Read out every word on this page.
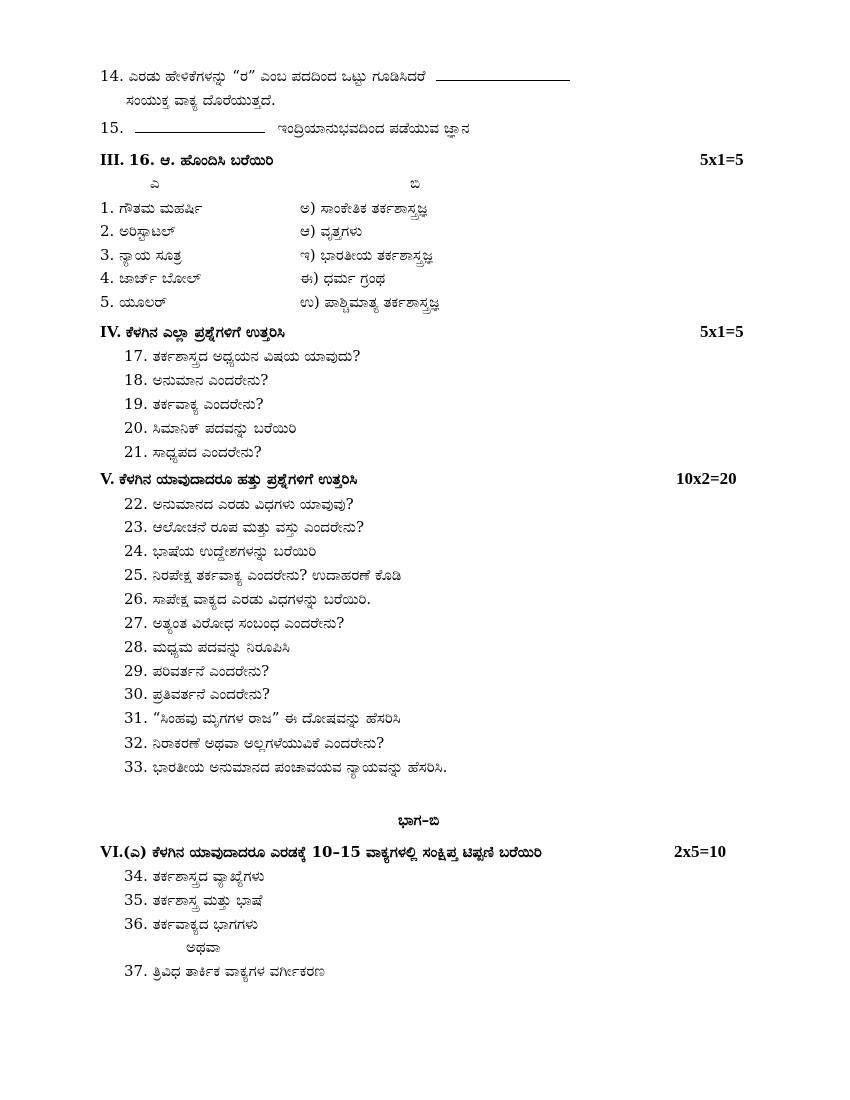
14. ಎರಡು ಹೇಳಿಕೆಗಳನ್ನು “ರ” ಎಂಬ ಪದದಿಂದ ಒಟ್ಟು ಗೂಡಿಸಿದರೆ
ಸಂಯುಕ್ತ ವಾಕ್ಯ ದೊರೆಯುತ್ತದೆ.
15.	ಇಂದ್ರಿಯಾನುಭವದಿಂದ ಪಡೆಯುವ ಜ್ಞಾನ
III. 16. ಆ. ಹೊಂದಿಸಿ ಬರೆಯಿರಿ	5x1=5
ಎ	ಬಿ
1. ಗೌತಮ ಮಹರ್ಷಿ	ಅ) ಸಾಂಕೇತಿಕ ತರ್ಕಶಾಸ್ತ್ರಜ್ಞ
2. ಅರಿಸ್ಟಾಟಲ್	ಆ) ವೃತ್ತಗಳು
3. ನ್ಯಾಯ ಸೂತ್ರ	ಇ) ಭಾರತೀಯ ತರ್ಕಶಾಸ್ತ್ರಜ್ಞ
4. ಜಾರ್ಜ್ ಬೋಲ್	ಈ) ಧರ್ಮ ಗ್ರಂಥ
5. ಯೂಲರ್	ಉ) ಪಾಶ್ಚಿಮಾತ್ಯ ತರ್ಕಶಾಸ್ತ್ರಜ್ಞ
IV. ಕೆಳಗಿನ ಎಲ್ಲಾ ಪ್ರಶ್ನೆಗಳಿಗೆ ಉತ್ತರಿಸಿ	5x1=5
17. ತರ್ಕಶಾಸ್ತ್ರದ ಅಧ್ಯಯನ ವಿಷಯ ಯಾವುದು?
18. ಅನುಮಾನ ಎಂದರೇನು?
19. ತರ್ಕವಾಕ್ಯ ಎಂದರೇನು?
20. ಸಿಮಾನಿಕ್ ಪದವನ್ನು ಬರೆಯಿರಿ
21. ಸಾಧ್ಯಪದ ಎಂದರೇನು?
V. ಕೆಳಗಿನ ಯಾವುದಾದರೂ ಹತ್ತು ಪ್ರಶ್ನೆಗಳಿಗೆ ಉತ್ತರಿಸಿ	10x2=20
22. ಅನುಮಾನದ ಎರಡು ವಿಧಗಳು ಯಾವುವು?
23. ಆಲೋಚನೆ ರೂಪ ಮತ್ತು ವಸ್ತು ಎಂದರೇನು?
24. ಭಾಷೆಯ ಉದ್ದೇಶಗಳನ್ನು ಬರೆಯಿರಿ
25. ನಿರಪೇಕ್ಷ ತರ್ಕವಾಕ್ಯ ಎಂದರೇನು? ಉದಾಹರಣೆ ಕೊಡಿ
26. ಸಾಪೇಕ್ಷ ವಾಕ್ಯದ ಎರಡು ವಿಧಗಳನ್ನು ಬರೆಯಿರಿ.
27. ಅತ್ಯಂತ ವಿರೋಧ ಸಂಬಂಧ ಎಂದರೇನು?
28. ಮಧ್ಯಮ ಪದವನ್ನು ನಿರೂಪಿಸಿ
29. ಪರಿವರ್ತನೆ ಎಂದರೇನು?
30. ಪ್ರತಿವರ್ತನೆ ಎಂದರೇನು?
31. “ಸಿಂಹವು ಮೃಗಗಳ ರಾಜ” ಈ ದೋಷವನ್ನು ಹೆಸರಿಸಿ
32. ನಿರಾಕರಣೆ ಅಥವಾ ಅಲ್ಲಗಳೆಯುವಿಕೆ ಎಂದರೇನು?
33. ಭಾರತೀಯ ಅನುಮಾನದ ಪಂಚಾವಯವ ನ್ಯಾಯವನ್ನು ಹೆಸರಿಸಿ.
ಭಾಗ–ಬಿ
VI.(ಎ) ಕೆಳಗಿನ ಯಾವುದಾದರೂ ಎರಡಕ್ಕೆ 10–15 ವಾಕ್ಯಗಳಲ್ಲಿ ಸಂಕ್ಷಿಪ್ತ ಟಿಪ್ಪಣಿ ಬರೆಯಿರಿ	2x5=10
34. ತರ್ಕಶಾಸ್ತ್ರದ ವ್ಯಾಖ್ಯೆಗಳು
35. ತರ್ಕಶಾಸ್ತ್ರ ಮತ್ತು ಭಾಷೆ
36. ತರ್ಕವಾಕ್ಯದ ಭಾಗಗಳು
ಅಥವಾ
37. ತ್ರಿವಿಧ ತಾರ್ಕಿಕ ವಾಕ್ಯಗಳ ವರ್ಗೀಕರಣ
